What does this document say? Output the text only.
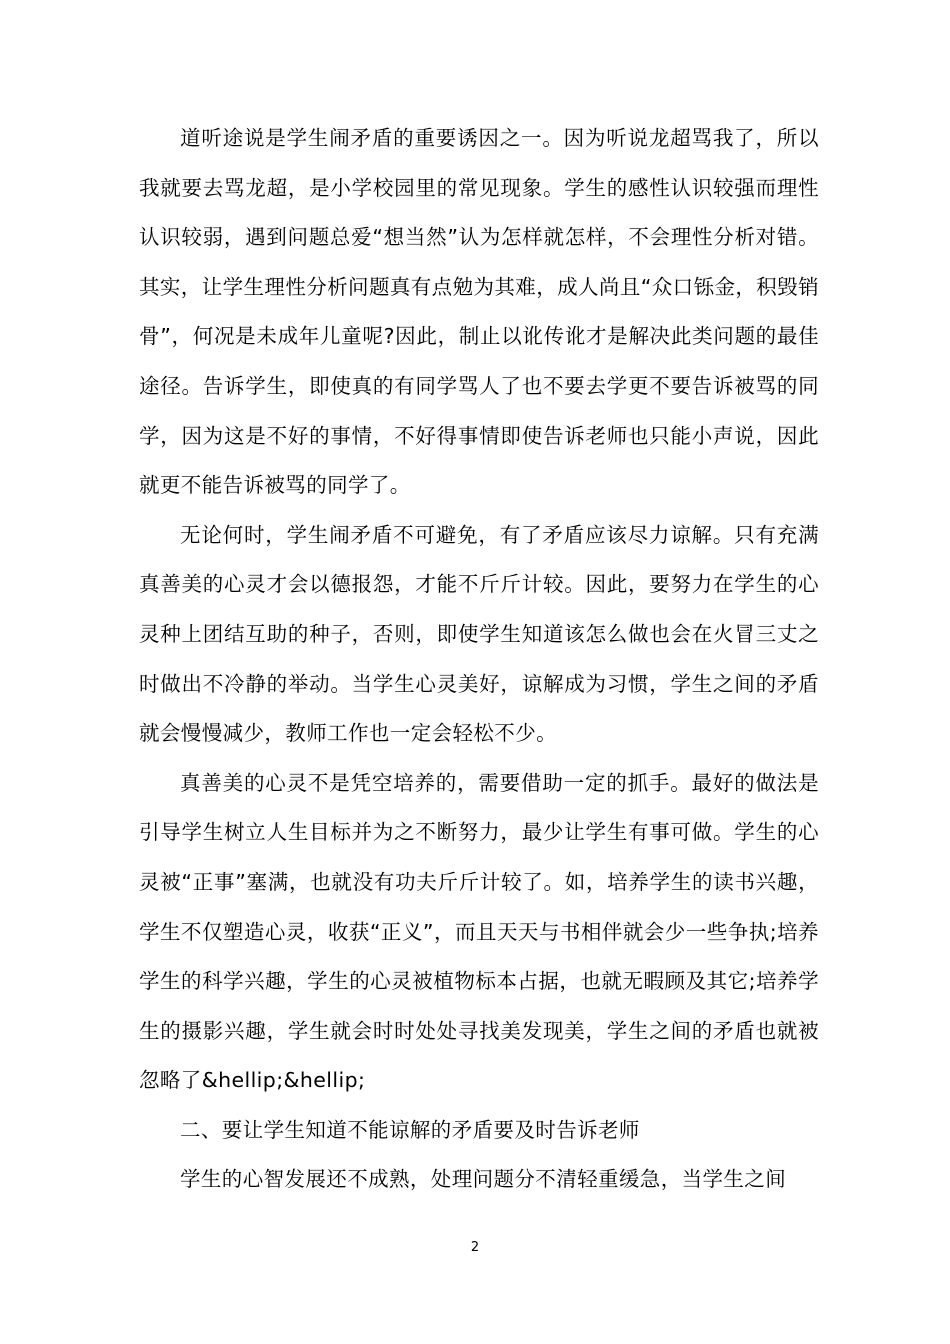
道听途说是学生闹矛盾的重要诱因之一。因为听说龙超骂我了，所以我就要去骂龙超，是小学校园里的常见现象。学生的感性认识较强而理性认识较弱，遇到问题总爱“想当然”认为怎样就怎样，不会理性分析对错。其实，让学生理性分析问题真有点勉为其难，成人尚且“众口铄金，积毁销骨”，何况是未成年儿童呢?因此，制止以讹传讹才是解决此类问题的最佳途径。告诉学生，即使真的有同学骂人了也不要去学更不要告诉被骂的同学，因为这是不好的事情，不好得事情即使告诉老师也只能小声说，因此就更不能告诉被骂的同学了。

无论何时，学生闹矛盾不可避免，有了矛盾应该尽力谅解。只有充满真善美的心灵才会以德报怨，才能不斤斤计较。因此，要努力在学生的心灵种上团结互助的种子，否则，即使学生知道该怎么做也会在火冒三丈之时做出不冷静的举动。当学生心灵美好，谅解成为习惯，学生之间的矛盾就会慢慢减少，教师工作也一定会轻松不少。

真善美的心灵不是凭空培养的，需要借助一定的抓手。最好的做法是引导学生树立人生目标并为之不断努力，最少让学生有事可做。学生的心灵被“正事”塞满，也就没有功夫斤斤计较了。如，培养学生的读书兴趣，学生不仅塑造心灵，收获“正义”，而且天天与书相伴就会少一些争执;培养学生的科学兴趣，学生的心灵被植物标本占据，也就无暇顾及其它;培养学生的摄影兴趣，学生就会时时处处寻找美发现美，学生之间的矛盾也就被忽略了&hellip;&hellip;

二、要让学生知道不能谅解的矛盾要及时告诉老师

学生的心智发展还不成熟，处理问题分不清轻重缓急，当学生之间

2
